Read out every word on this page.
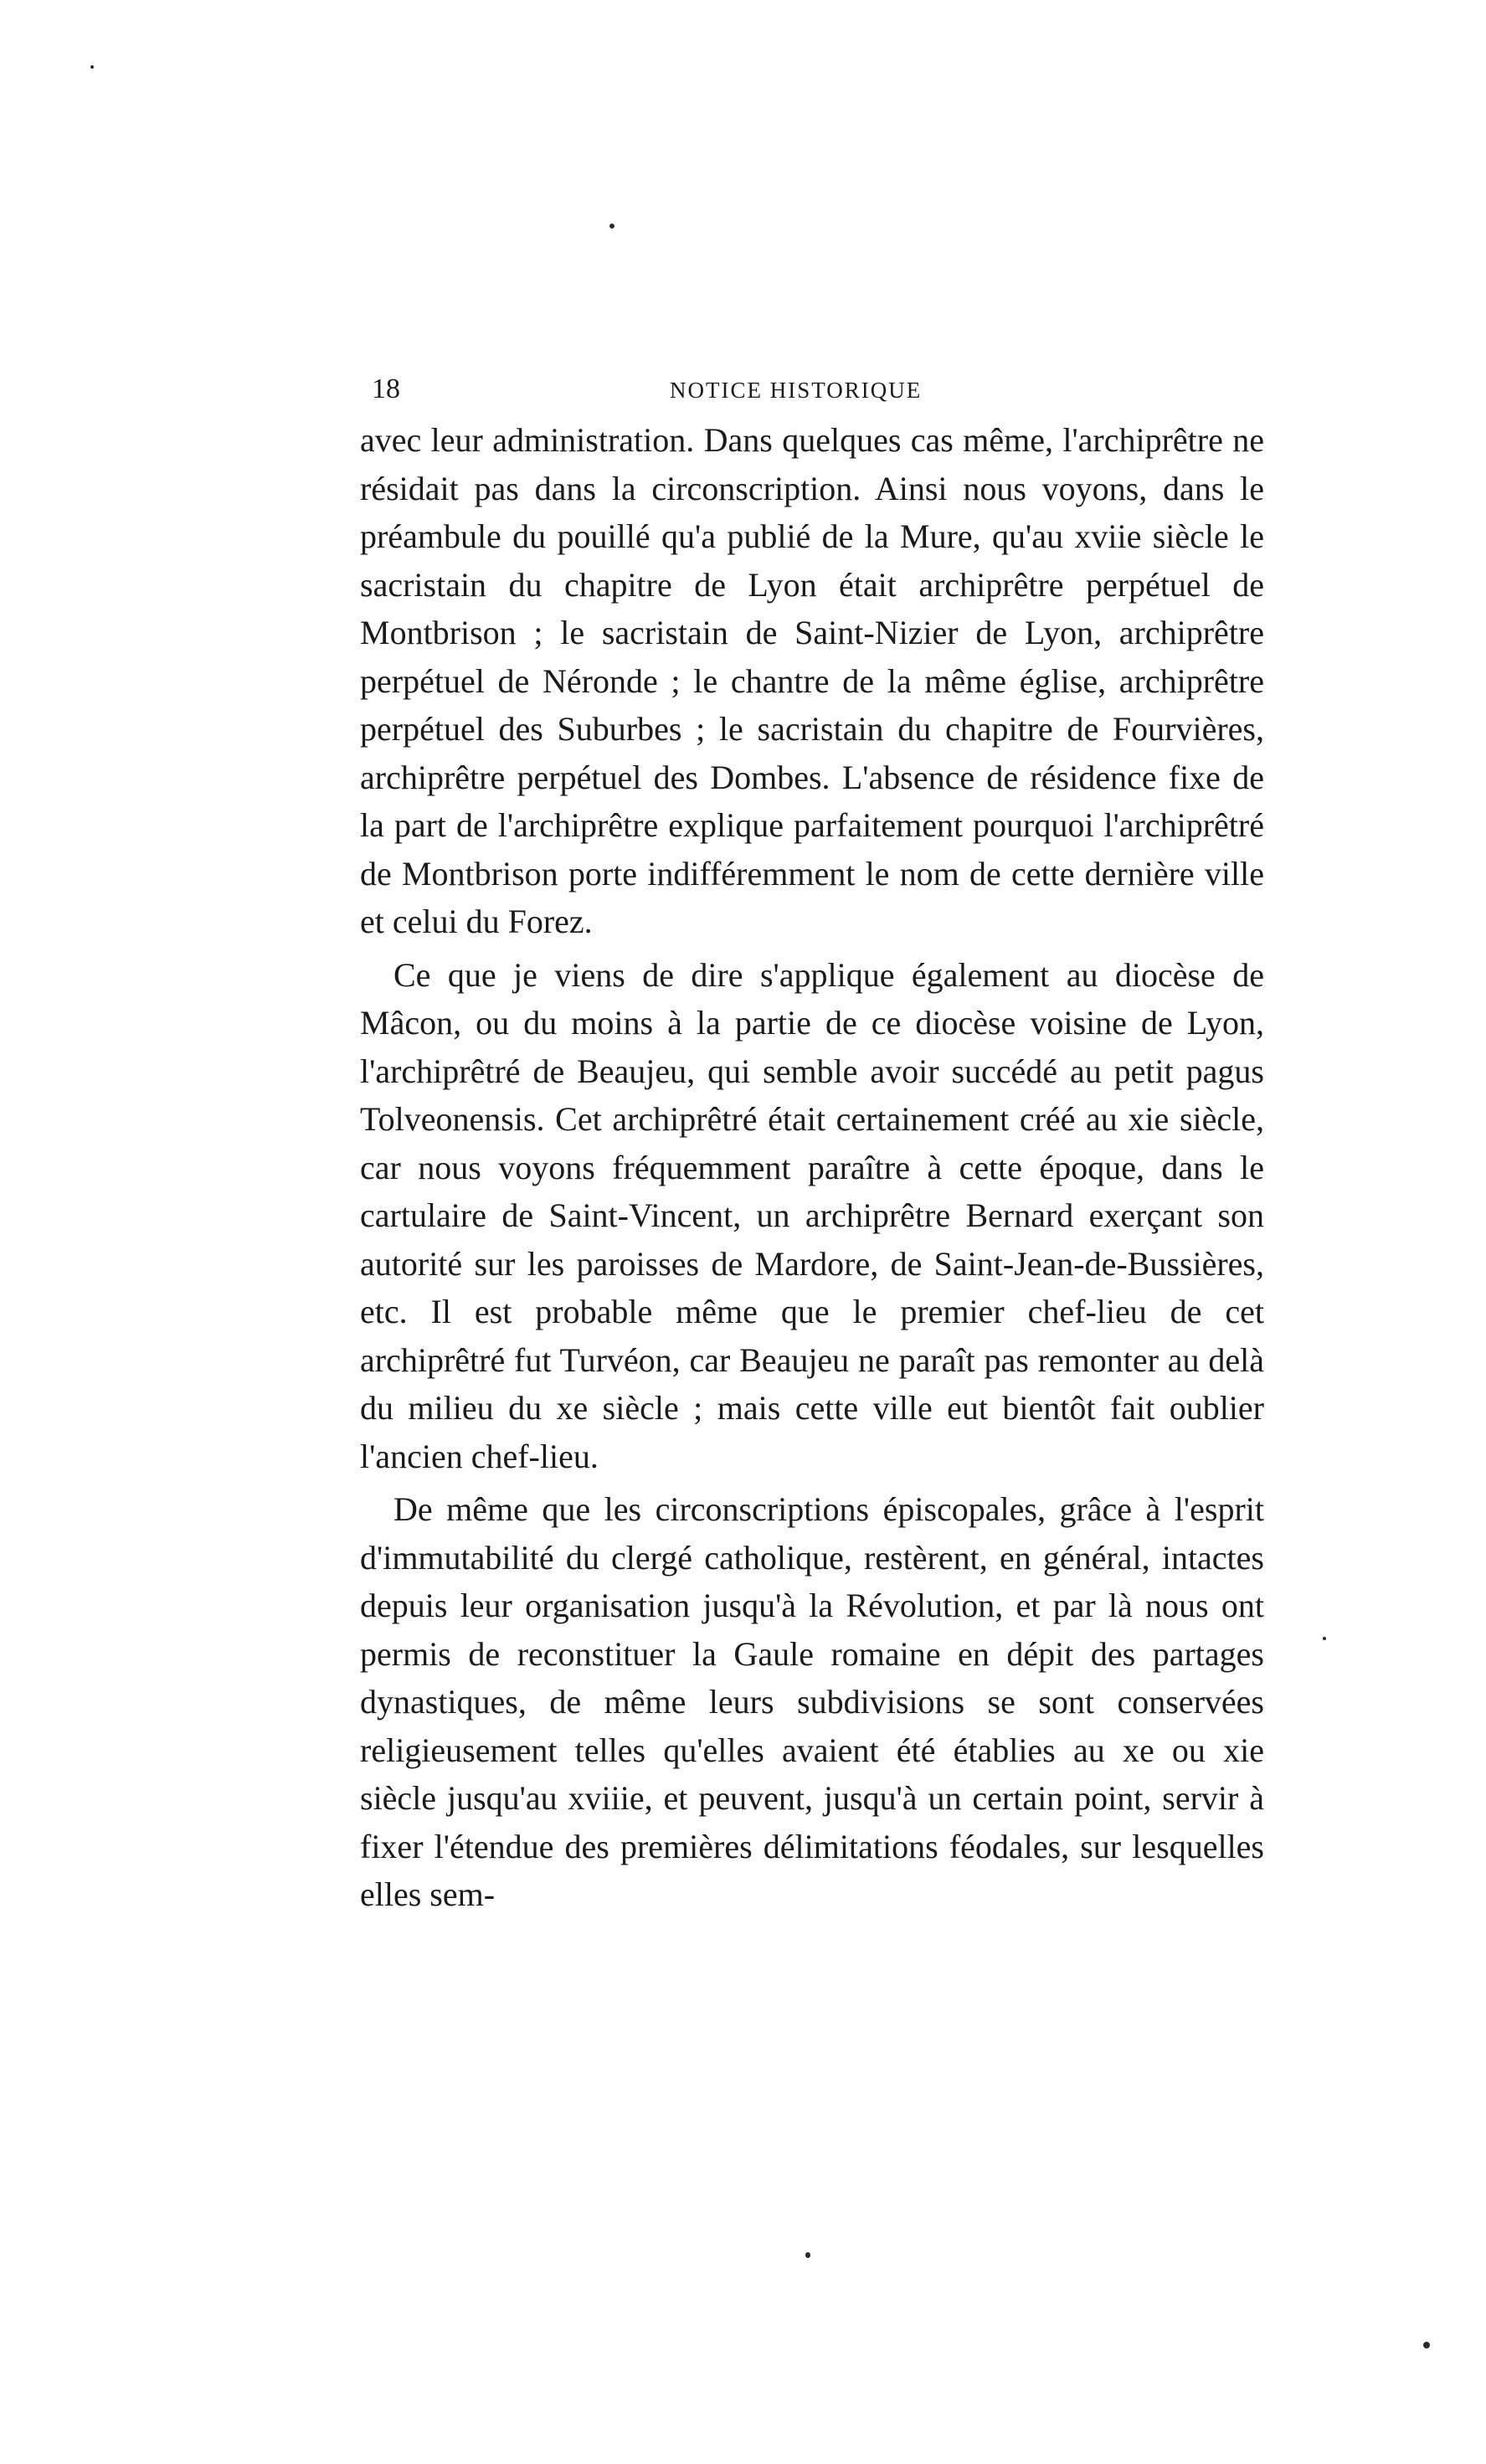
18	NOTICE HISTORIQUE

avec leur administration. Dans quelques cas même, l'archiprêtre ne résidait pas dans la circonscription. Ainsi nous voyons, dans le préambule du pouillé qu'a publié de la Mure, qu'au xviie siècle le sacristain du chapitre de Lyon était archiprêtre perpétuel de Montbrison ; le sacristain de Saint-Nizier de Lyon, archiprêtre perpétuel de Néronde ; le chantre de la même église, archiprêtre perpétuel des Suburbes ; le sacristain du chapitre de Fourvières, archiprêtre perpétuel des Dombes. L'absence de résidence fixe de la part de l'archiprêtre explique parfaitement pourquoi l'archiprêtré de Montbrison porte indifféremment le nom de cette dernière ville et celui du Forez.

Ce que je viens de dire s'applique également au diocèse de Mâcon, ou du moins à la partie de ce diocèse voisine de Lyon, l'archiprêtré de Beaujeu, qui semble avoir succédé au petit pagus Tolveonensis. Cet archiprêtré était certainement créé au xie siècle, car nous voyons fréquemment paraître à cette époque, dans le cartulaire de Saint-Vincent, un archiprêtre Bernard exerçant son autorité sur les paroisses de Mardore, de Saint-Jean-de-Bussières, etc. Il est probable même que le premier chef-lieu de cet archiprêtré fut Turvéon, car Beaujeu ne paraît pas remonter au delà du milieu du xe siècle ; mais cette ville eut bientôt fait oublier l'ancien chef-lieu.

De même que les circonscriptions épiscopales, grâce à l'esprit d'immutabilité du clergé catholique, restèrent, en général, intactes depuis leur organisation jusqu'à la Révolution, et par là nous ont permis de reconstituer la Gaule romaine en dépit des partages dynastiques, de même leurs subdivisions se sont conservées religieusement telles qu'elles avaient été établies au xe ou xie siècle jusqu'au xviiie, et peuvent, jusqu'à un certain point, servir à fixer l'étendue des premières délimitations féodales, sur lesquelles elles sem-
